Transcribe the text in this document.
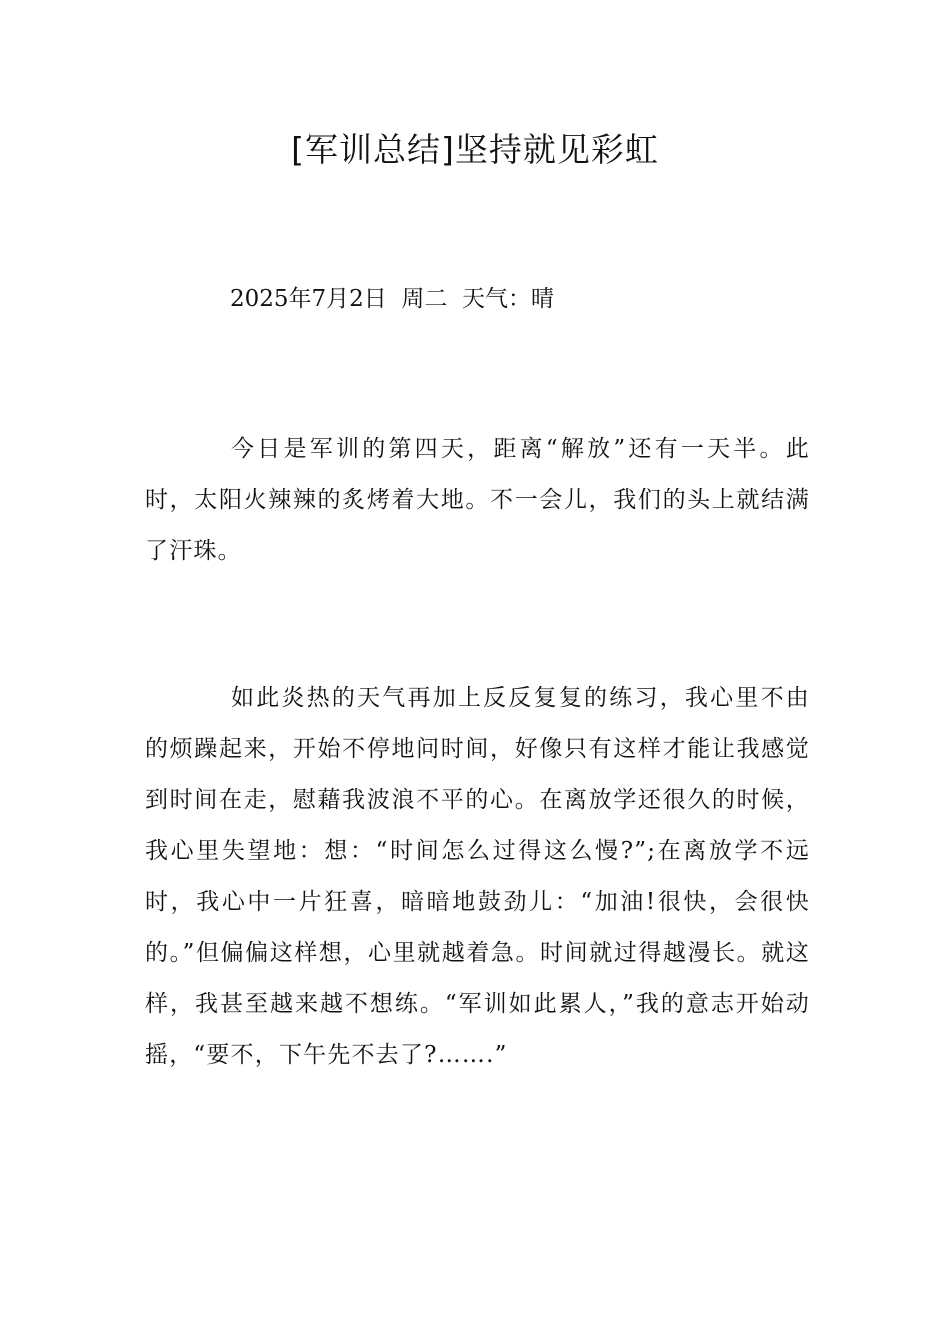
[军训总结]坚持就见彩虹
2025年7月2日  周二  天气：晴

今日是军训的第四天，距离“解放”还有一天半。此时，太阳火辣辣的炙烤着大地。不一会儿，我们的头上就结满了汗珠。

如此炎热的天气再加上反反复复的练习，我心里不由的烦躁起来，开始不停地问时间，好像只有这样才能让我感觉到时间在走，慰藉我波浪不平的心。在离放学还很久的时候，我心里失望地：想：“时间怎么过得这么慢?”;在离放学不远时，我心中一片狂喜，暗暗地鼓劲儿：“加油!很快，会很快的。”但偏偏这样想，心里就越着急。时间就过得越漫长。就这样，我甚至越来越不想练。“军训如此累人，”我的意志开始动摇，“要不，下午先不去了?…….”
